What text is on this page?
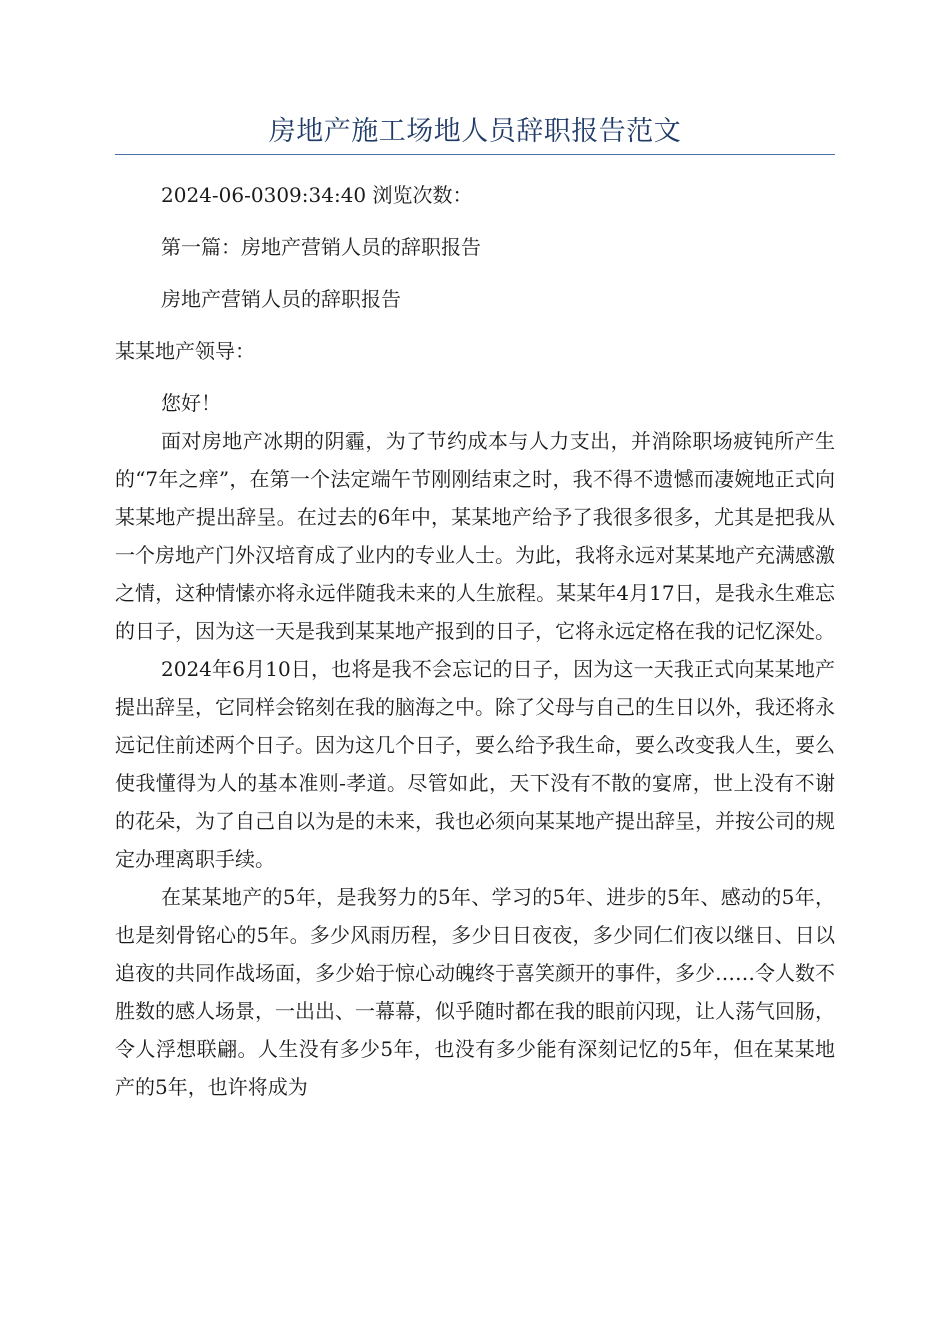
房地产施工场地人员辞职报告范文

2024-06-0309:34:40 浏览次数：

第一篇：房地产营销人员的辞职报告

房地产营销人员的辞职报告

某某地产领导：

您好！

面对房地产冰期的阴霾，为了节约成本与人力支出，并消除职场疲钝所产生的“7年之痒”，在第一个法定端午节刚刚结束之时，我不得不遗憾而凄婉地正式向某某地产提出辞呈。在过去的6年中，某某地产给予了我很多很多，尤其是把我从一个房地产门外汉培育成了业内的专业人士。为此，我将永远对某某地产充满感激之情，这种情愫亦将永远伴随我未来的人生旅程。某某年4月17日，是我永生难忘的日子，因为这一天是我到某某地产报到的日子，它将永远定格在我的记忆深处。

2024年6月10日，也将是我不会忘记的日子，因为这一天我正式向某某地产提出辞呈，它同样会铭刻在我的脑海之中。除了父母与自己的生日以外，我还将永远记住前述两个日子。因为这几个日子，要么给予我生命，要么改变我人生，要么使我懂得为人的基本准则-孝道。尽管如此，天下没有不散的宴席，世上没有不谢的花朵，为了自己自以为是的未来，我也必须向某某地产提出辞呈，并按公司的规定办理离职手续。

在某某地产的5年，是我努力的5年、学习的5年、进步的5年、感动的5年，也是刻骨铭心的5年。多少风雨历程，多少日日夜夜，多少同仁们夜以继日、日以追夜的共同作战场面，多少始于惊心动魄终于喜笑颜开的事件，多少……令人数不胜数的感人场景，一出出、一幕幕，似乎随时都在我的眼前闪现，让人荡气回肠，令人浮想联翩。人生没有多少5年，也没有多少能有深刻记忆的5年，但在某某地产的5年，也许将成为
